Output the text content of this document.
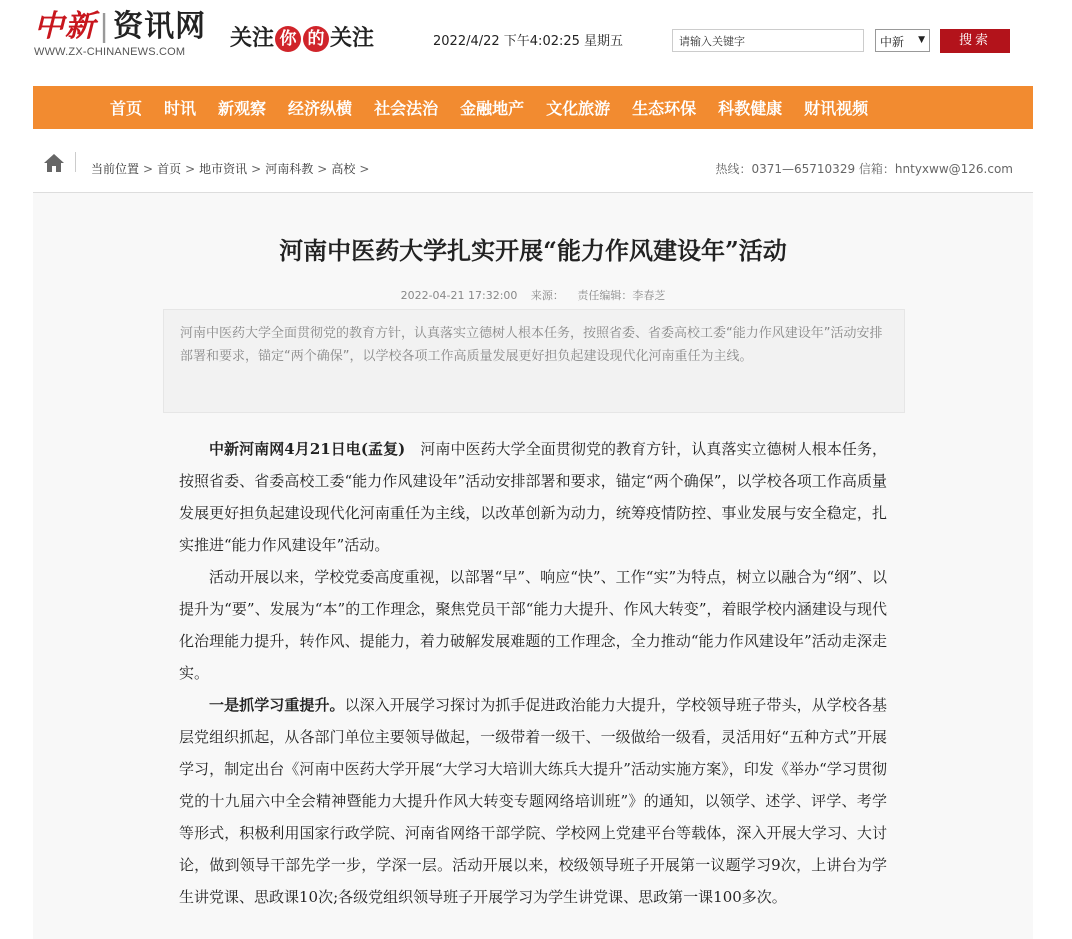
中新 | 资讯网
WWW.ZX-CHINANEWS.COM
关注 你 的 关注	2022/4/22 下午4:02:25 星期五	请输入关键字	中新 ▼	搜索
首页 时讯 新观察 经济纵横 社会法治 金融地产 文化旅游 生态环保 科教健康 财讯视频
当前位置 > 首页 > 地市资讯 > 河南科教 > 高校 >	热线：0371—65710329 信箱：hntyxww@126.com
河南中医药大学扎实开展“能力作风建设年”活动
2022-04-21 17:32:00 来源： 责任编辑：李春芝
河南中医药大学全面贯彻党的教育方针，认真落实立德树人根本任务，按照省委、省委高校工委“能力作风建设年”活动安排部署和要求，锚定“两个确保”，以学校各项工作高质量发展更好担负起建设现代化河南重任为主线。

中新河南网4月21日电(孟复)　河南中医药大学全面贯彻党的教育方针，认真落实立德树人根本任务，按照省委、省委高校工委“能力作风建设年”活动安排部署和要求，锚定“两个确保”，以学校各项工作高质量发展更好担负起建设现代化河南重任为主线，以改革创新为动力，统筹疫情防控、事业发展与安全稳定，扎实推进“能力作风建设年”活动。

活动开展以来，学校党委高度重视，以部署“早”、响应“快”、工作“实”为特点，树立以融合为“纲”、以提升为“要”、发展为“本”的工作理念，聚焦党员干部“能力大提升、作风大转变”，着眼学校内涵建设与现代化治理能力提升，转作风、提能力，着力破解发展难题的工作理念，全力推动“能力作风建设年”活动走深走实。

一是抓学习重提升。以深入开展学习探讨为抓手促进政治能力大提升，学校领导班子带头，从学校各基层党组织抓起，从各部门单位主要领导做起，一级带着一级干、一级做给一级看，灵活用好“五种方式”开展学习，制定出台《河南中医药大学开展“大学习大培训大练兵大提升”活动实施方案》，印发《举办“学习贯彻党的十九届六中全会精神暨能力大提升作风大转变专题网络培训班”》的通知，以领学、述学、评学、考学等形式，积极利用国家行政学院、河南省网络干部学院、学校网上党建平台等载体，深入开展大学习、大讨论，做到领导干部先学一步，学深一层。活动开展以来，校级领导班子开展第一议题学习9次，上讲台为学生讲党课、思政课10次;各级党组织领导班子开展学习为学生讲党课、思政第一课100多次。
